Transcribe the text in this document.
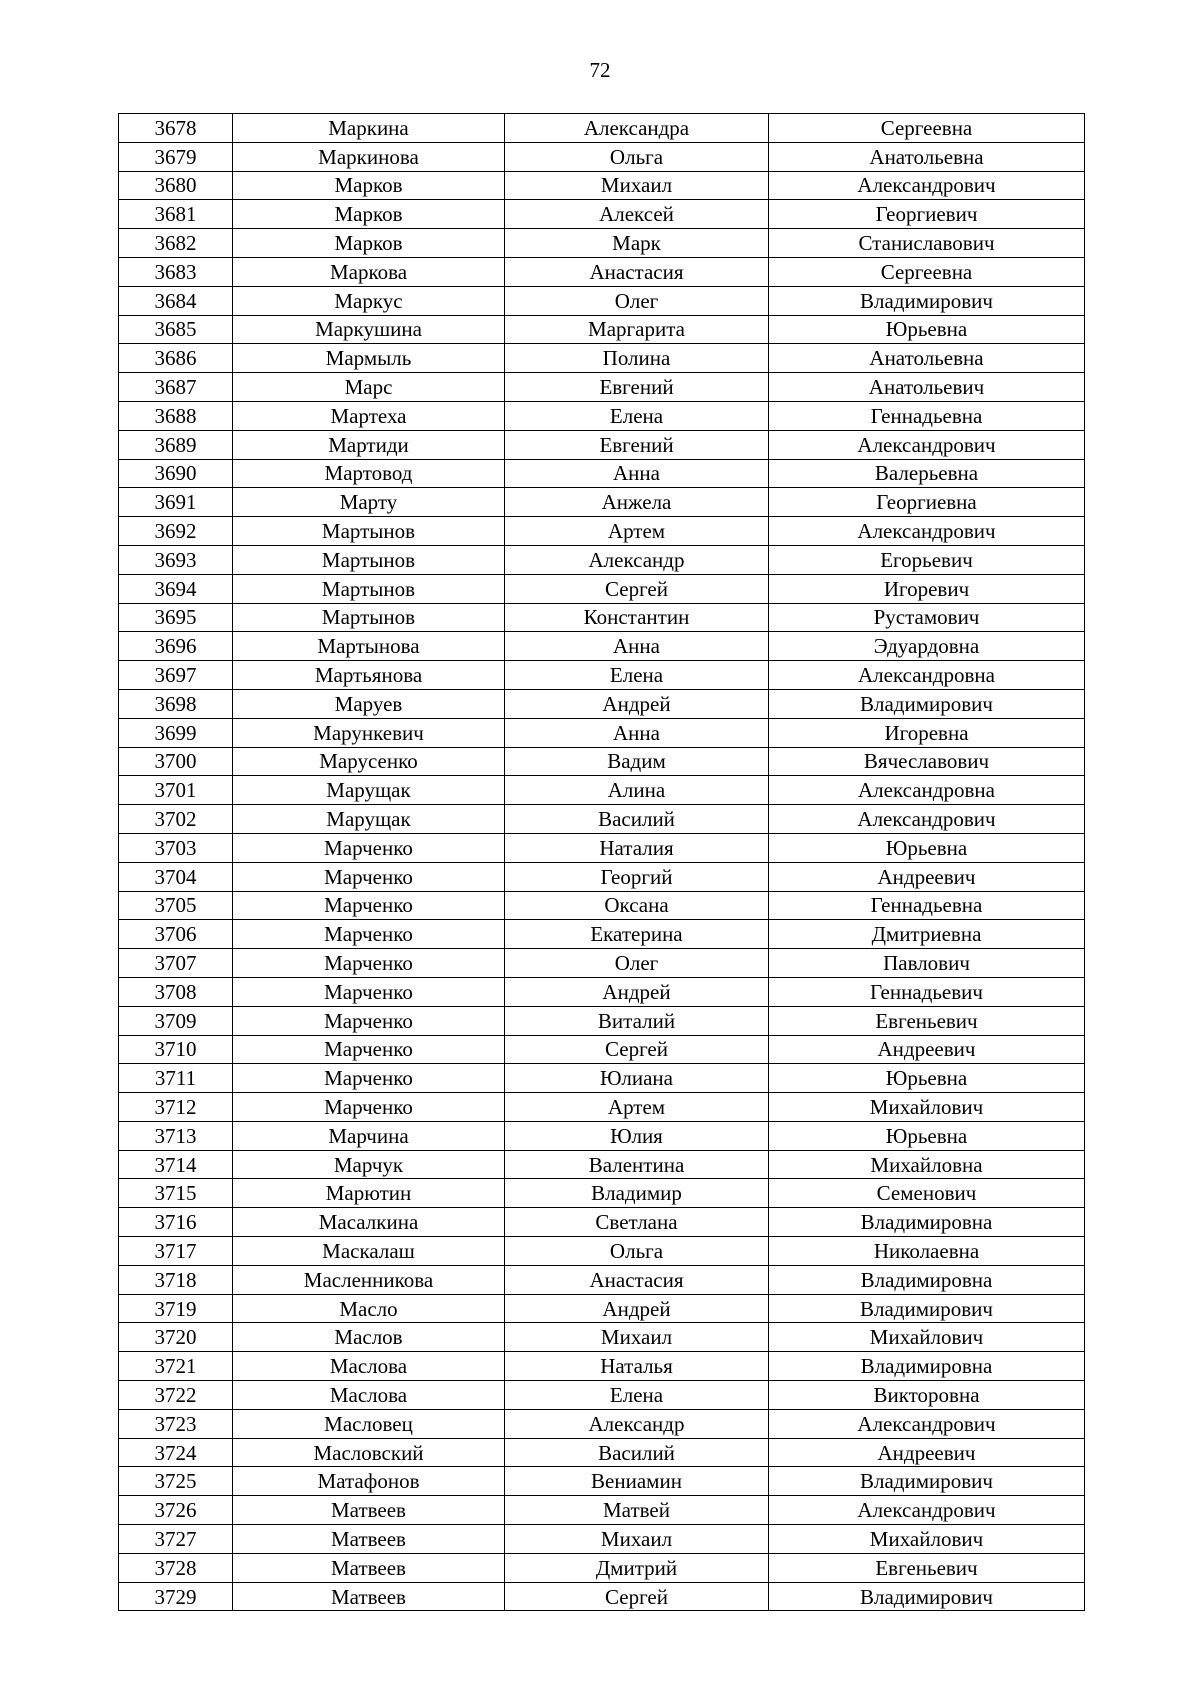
72
3678	Маркина	Александра	Сергеевна
3679	Маркинова	Ольга	Анатольевна
3680	Марков	Михаил	Александрович
3681	Марков	Алексей	Георгиевич
3682	Марков	Марк	Станиславович
3683	Маркова	Анастасия	Сергеевна
3684	Маркус	Олег	Владимирович
3685	Маркушина	Маргарита	Юрьевна
3686	Мармыль	Полина	Анатольевна
3687	Марс	Евгений	Анатольевич
3688	Мартеха	Елена	Геннадьевна
3689	Мартиди	Евгений	Александрович
3690	Мартовод	Анна	Валерьевна
3691	Марту	Анжела	Георгиевна
3692	Мартынов	Артем	Александрович
3693	Мартынов	Александр	Егорьевич
3694	Мартынов	Сергей	Игоревич
3695	Мартынов	Константин	Рустамович
3696	Мартынова	Анна	Эдуардовна
3697	Мартьянова	Елена	Александровна
3698	Маруев	Андрей	Владимирович
3699	Марункевич	Анна	Игоревна
3700	Марусенко	Вадим	Вячеславович
3701	Марущак	Алина	Александровна
3702	Марущак	Василий	Александрович
3703	Марченко	Наталия	Юрьевна
3704	Марченко	Георгий	Андреевич
3705	Марченко	Оксана	Геннадьевна
3706	Марченко	Екатерина	Дмитриевна
3707	Марченко	Олег	Павлович
3708	Марченко	Андрей	Геннадьевич
3709	Марченко	Виталий	Евгеньевич
3710	Марченко	Сергей	Андреевич
3711	Марченко	Юлиана	Юрьевна
3712	Марченко	Артем	Михайлович
3713	Марчина	Юлия	Юрьевна
3714	Марчук	Валентина	Михайловна
3715	Марютин	Владимир	Семенович
3716	Масалкина	Светлана	Владимировна
3717	Маскалаш	Ольга	Николаевна
3718	Масленникова	Анастасия	Владимировна
3719	Масло	Андрей	Владимирович
3720	Маслов	Михаил	Михайлович
3721	Маслова	Наталья	Владимировна
3722	Маслова	Елена	Викторовна
3723	Масловец	Александр	Александрович
3724	Масловский	Василий	Андреевич
3725	Матафонов	Вениамин	Владимирович
3726	Матвеев	Матвей	Александрович
3727	Матвеев	Михаил	Михайлович
3728	Матвеев	Дмитрий	Евгеньевич
3729	Матвеев	Сергей	Владимирович
